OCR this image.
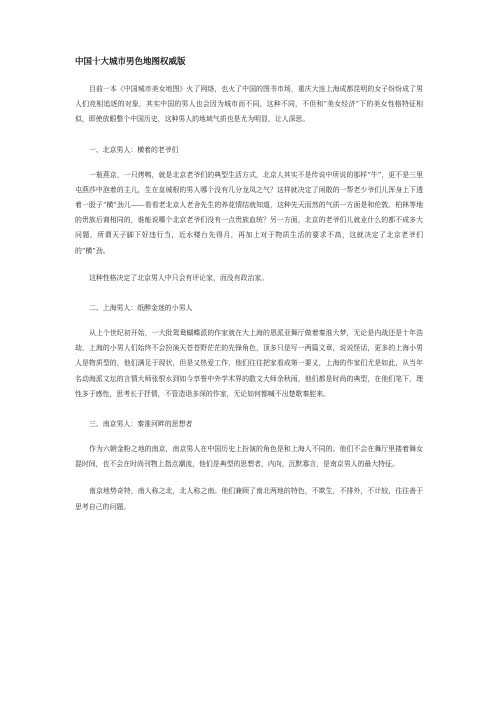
中国十大城市男色地图权威版

目前一本《中国城市美女地图》火了网络，也火了中国的图书市场，重庆大连上海成都昆明的女子纷纷成了男人们竞相追逐的对象，其实中国的男人也会因为城市而不同，这种不同，不但和“美女经济”下的美女性格特征相似，即使放眼整个中国历史，这种男人的地域气质也是尤为明显，让人深思。

一、北京男人：横着的老爷们

一瓶燕京，一只烤鸭，就是北京老爷们的典型生活方式，北京人其实不是传说中所说的那样“牛”，更不是三里屯燕莎中泡着的主儿，生在皇城根的男人哪个没有几分龙凤之气？这样就决定了闲散的一帮老少爷们儿浑身上下透着一股子“横”劲儿——看看老北京人老舍先生的养花情结就知道，这种先天而然的气质一方面是和伦敦、柏林等地的贵族后裔相同的，谁能说哪个北京老爷们没有一点贵族血统？另一方面，北京的老爷们儿就业什么的都不成多大问题，所谓天子脚下好违行当，近水楼台先得月，再加上对于物质生活的要求不高，这就决定了北京老爷们的“横”劲。

这种性格决定了北京男人中只会有评论家，而没有政治家。

二、上海男人：纸醉金迷的小男人

从上个世纪初开始，一大批鸳鸯蝴蝶派的作家就在大上海的恩派亚舞厅做着秦淮大梦，无论是内战还是十年浩劫，上海的小男人们始终不会扮演天苍苍野茫茫的先锋角色，顶多只是写一两篇文章，说说怪话，更多的上海小男人是物质型的，他们满足于现状，但是又热爱工作，他们往往把家看成第一要义，上海的作家们尤是如此，从当年名动海派文坛的言情大师张恨水到如今享誉中外学术界的散文大师余秋雨，他们都是时尚的典型，在他们笔下，理性多于感性，思考长于抒情，不管造诣多深的作家，无论如何都喊不出楚歌秦腔来。

三、南京男人：秦淮河畔的思想者

作为六朝金粉之地的南京，南京男人在中国历史上扮演的角色是和上海人不同的。他们不会在舞厅里搂着舞女混时间，也不会在时尚刊物上指点潮流，他们是典型的思想者，内向，沉默寡言，是南京男人的最大特征。

南京地势奇特，南人称之北，北人称之南。他们兼顾了南北两地的特色，不欺生，不排外，不计较，往往善于思考自己的问题。
